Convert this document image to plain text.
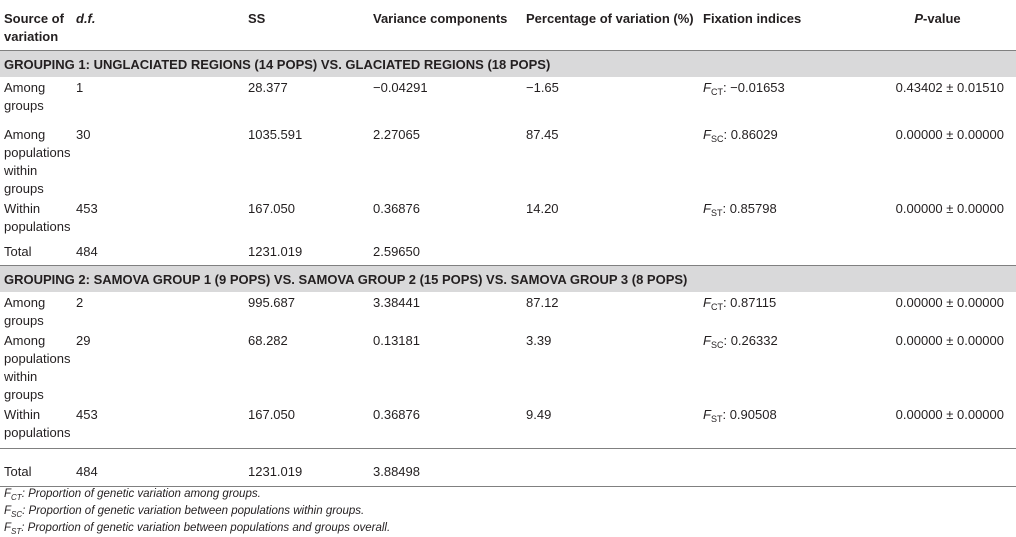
Source of variation	d.f.	SS	Variance components	Percentage of variation (%)	Fixation indices	P-value
GROUPING 1: UNGLACIATED REGIONS (14 POPS) VS. GLACIATED REGIONS (18 POPS)						
Among groups	1	28.377	−0.04291	−1.65	$F_{CT}$: −0.01653	0.43402 ± 0.01510
Among populations within groups	30	1035.591	2.27065	87.45	$F_{SC}$: 0.86029	0.00000 ± 0.00000
Within populations	453	167.050	0.36876	14.20	$F_{ST}$: 0.85798	0.00000 ± 0.00000
Total	484	1231.019	2.59650			
GROUPING 2: SAMOVA GROUP 1 (9 POPS) VS. SAMOVA GROUP 2 (15 POPS) VS. SAMOVA GROUP 3 (8 POPS)						
Among groups	2	995.687	3.38441	87.12	$F_{CT}$: 0.87115	0.00000 ± 0.00000
Among populations within groups	29	68.282	0.13181	3.39	$F_{SC}$: 0.26332	0.00000 ± 0.00000
Within populations	453	167.050	0.36876	9.49	$F_{ST}$: 0.90508	0.00000 ± 0.00000
Total	484	1231.019	3.88498			
$F_{CT}$: Proportion of genetic variation among groups.
$F_{SC}$: Proportion of genetic variation between populations within groups.
$F_{ST}$: Proportion of genetic variation between populations and groups overall.
